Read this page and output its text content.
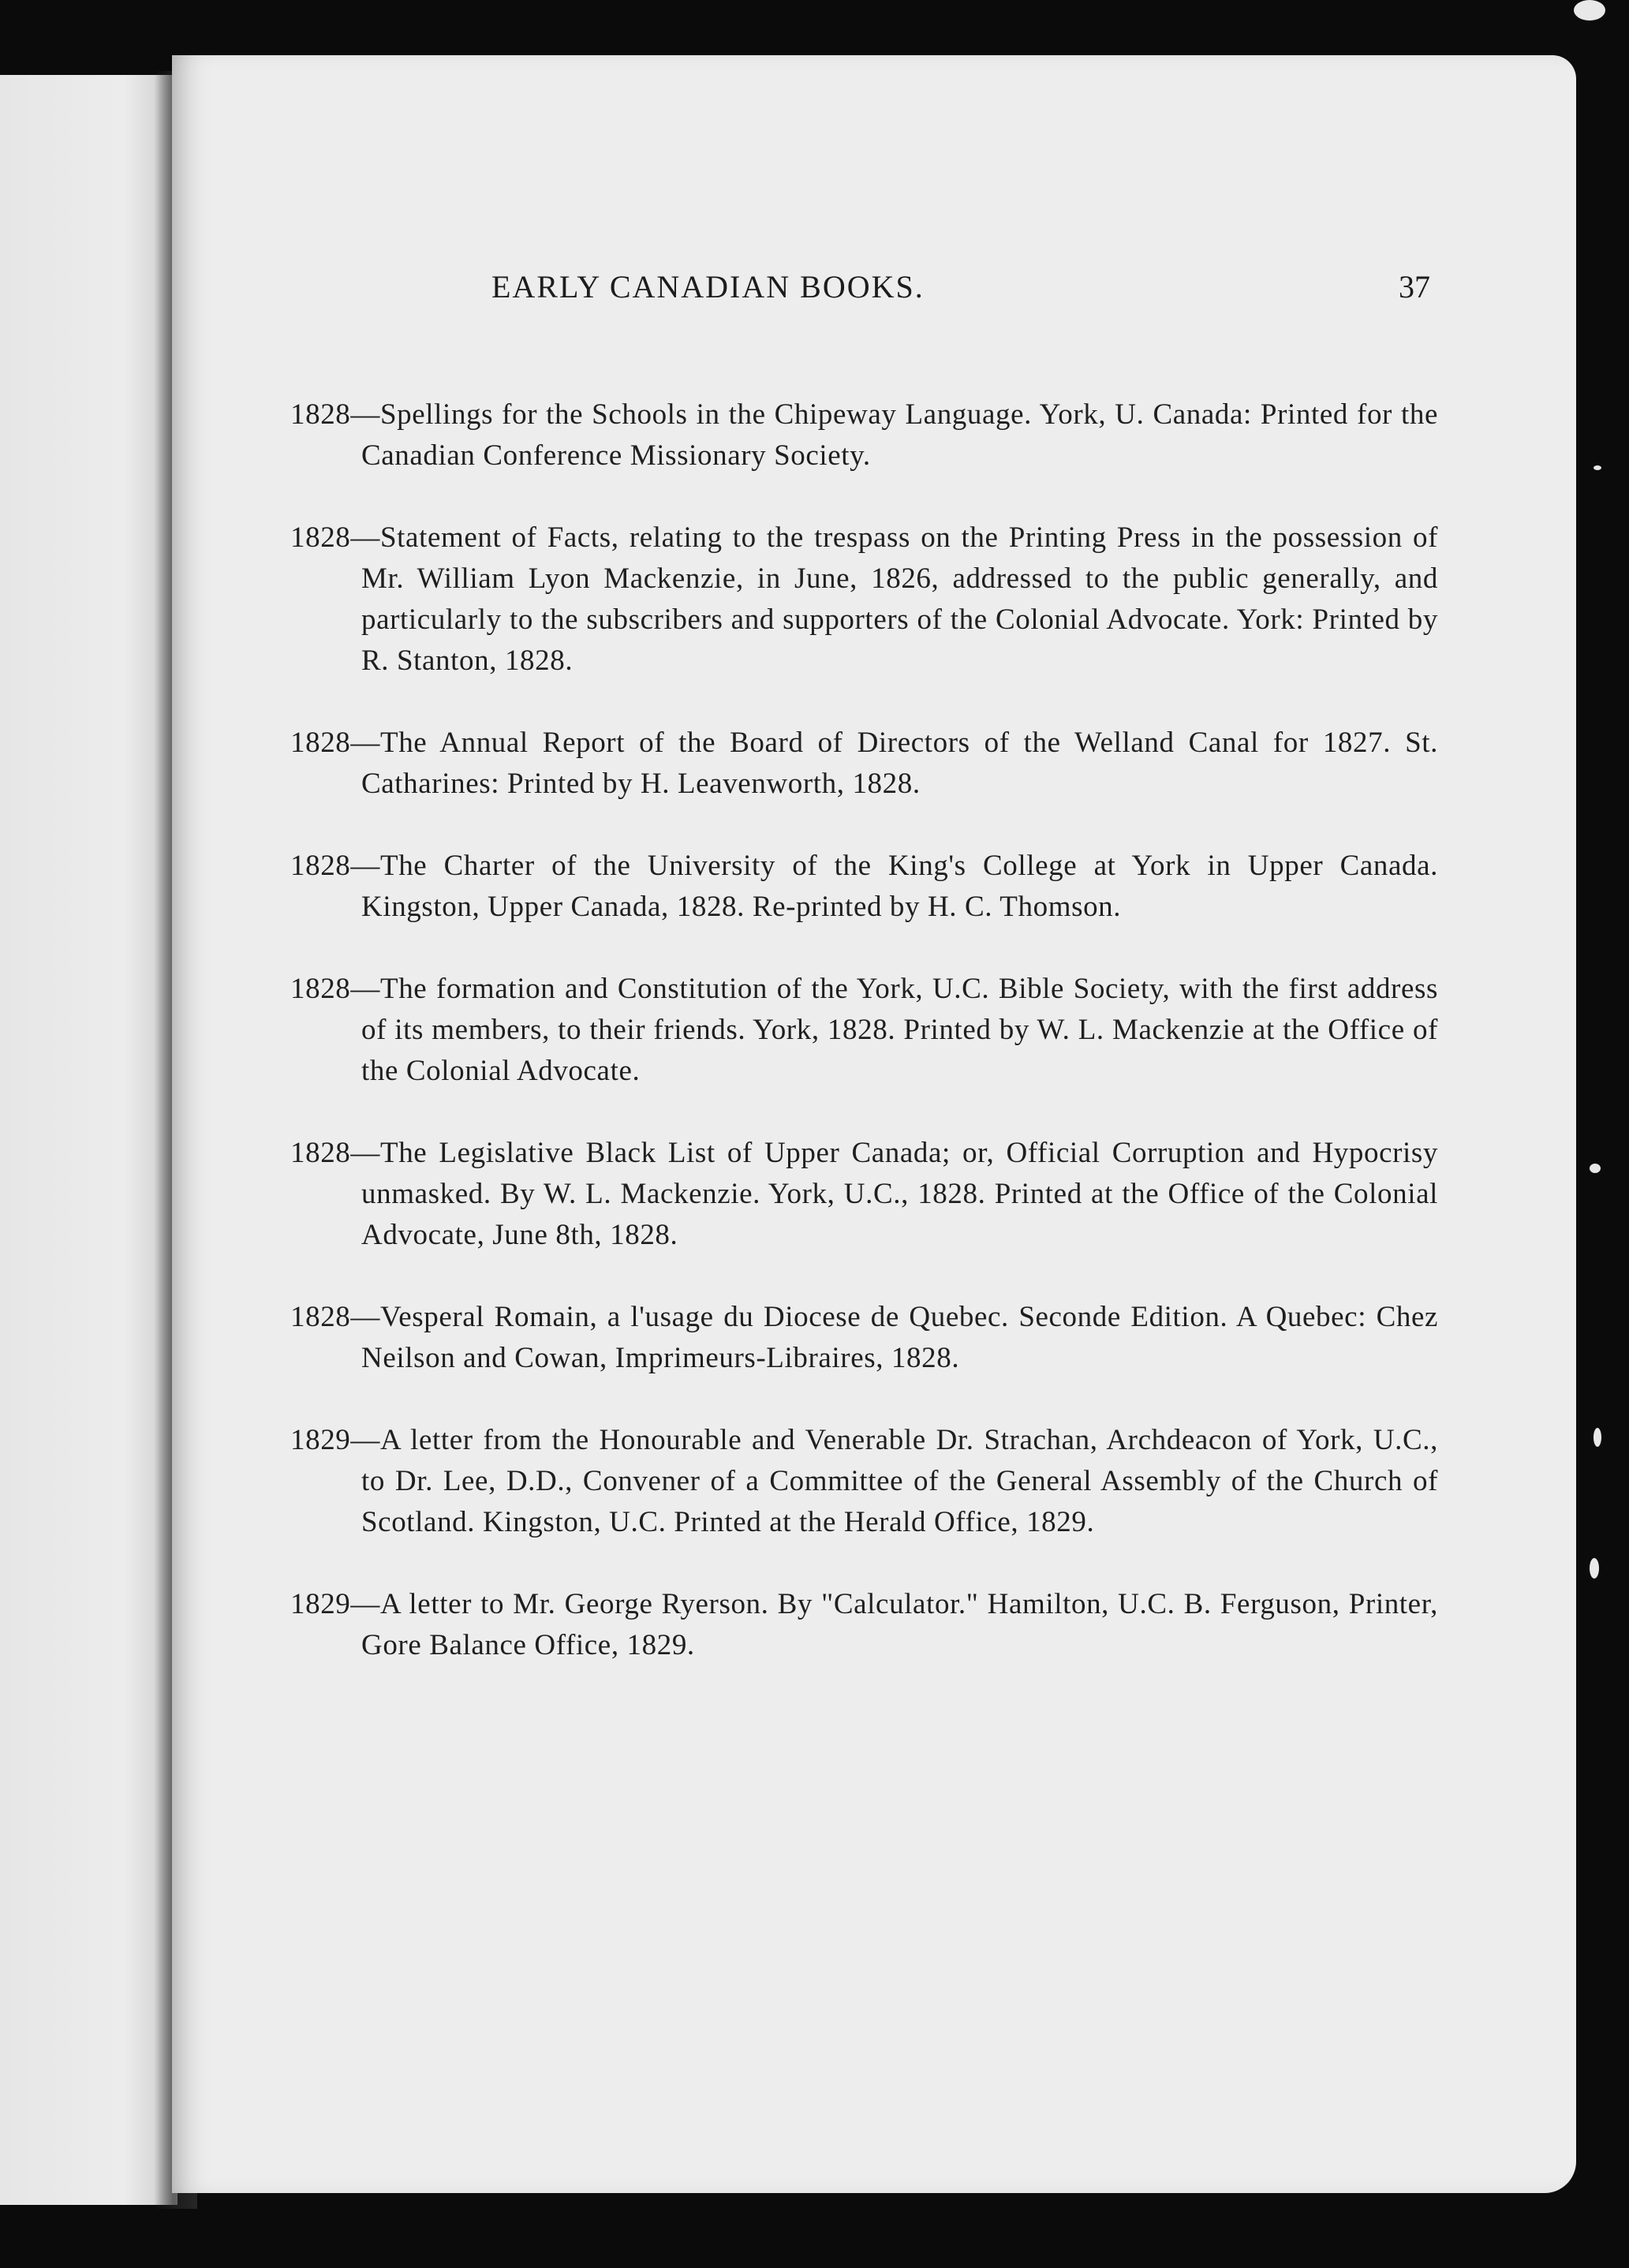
EARLY CANADIAN BOOKS.	37

1828—Spellings for the Schools in the Chipeway Language. York, U. Canada: Printed for the Canadian Conference Missionary Society.

1828—Statement of Facts, relating to the trespass on the Printing Press in the possession of Mr. William Lyon Mackenzie, in June, 1826, addressed to the public generally, and particularly to the subscribers and supporters of the Colonial Advocate. York: Printed by R. Stanton, 1828.

1828—The Annual Report of the Board of Directors of the Welland Canal for 1827. St. Catharines: Printed by H. Leavenworth, 1828.

1828—The Charter of the University of the King's College at York in Upper Canada. Kingston, Upper Canada, 1828. Re-printed by H. C. Thomson.

1828—The formation and Constitution of the York, U.C. Bible Society, with the first address of its members, to their friends. York, 1828. Printed by W. L. Mackenzie at the Office of the Colonial Advocate.

1828—The Legislative Black List of Upper Canada; or, Official Corruption and Hypocrisy unmasked. By W. L. Mackenzie. York, U.C., 1828. Printed at the Office of the Colonial Advocate, June 8th, 1828.

1828—Vesperal Romain, a l'usage du Diocese de Quebec. Seconde Edition. A Quebec: Chez Neilson and Cowan, Imprimeurs-Libraires, 1828.

1829—A letter from the Honourable and Venerable Dr. Strachan, Archdeacon of York, U.C., to Dr. Lee, D.D., Convener of a Committee of the General Assembly of the Church of Scotland. Kingston, U.C. Printed at the Herald Office, 1829.

1829—A letter to Mr. George Ryerson. By "Calculator." Hamilton, U.C. B. Ferguson, Printer, Gore Balance Office, 1829.
